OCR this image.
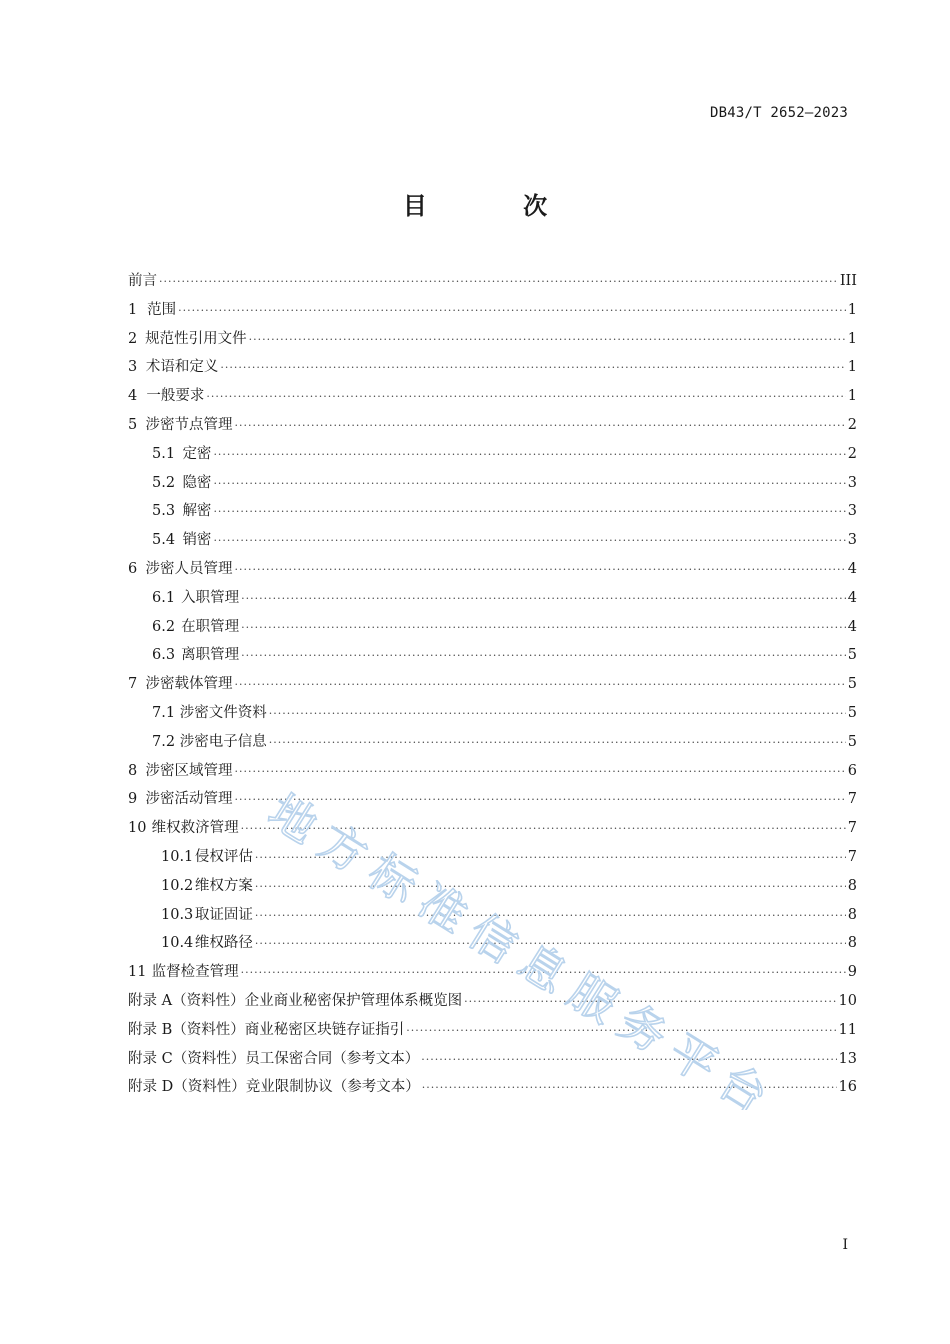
DB43/T 2652—2023
目 次
前言 ·····	III
1 范围 ·····	1
2 规范性引用文件 ·····	1
3 术语和定义 ·····	1
4 一般要求 ·····	1
5 涉密节点管理 ·····	2
5.1 定密 ·····	2
5.2 隐密 ·····	3
5.3 解密 ·····	3
5.4 销密 ·····	3
6 涉密人员管理 ·····	4
6.1 入职管理 ·····	4
6.2 在职管理 ·····	4
6.3 离职管理 ·····	5
7 涉密载体管理 ·····	5
7.1 涉密文件资料 ·····	5
7.2 涉密电子信息 ·····	5
8 涉密区域管理 ·····	6
9 涉密活动管理 ·····	7
10 维权救济管理 ·····	7
10.1 侵权评估 ·····	7
10.2 维权方案 ·····	8
10.3 取证固证 ·····	8
10.4 维权路径 ·····	8
11 监督检查管理 ·····	9
附录 A（资料性） 企业商业秘密保护管理体系概览图 ·····	10
附录 B（资料性） 商业秘密区块链存证指引 ·····	11
附录 C（资料性） 员工保密合同（参考文本） ·····	13
附录 D（资料性） 竞业限制协议（参考文本） ·····	16
I
地
方
标
准
信
息
服
务
平
台
